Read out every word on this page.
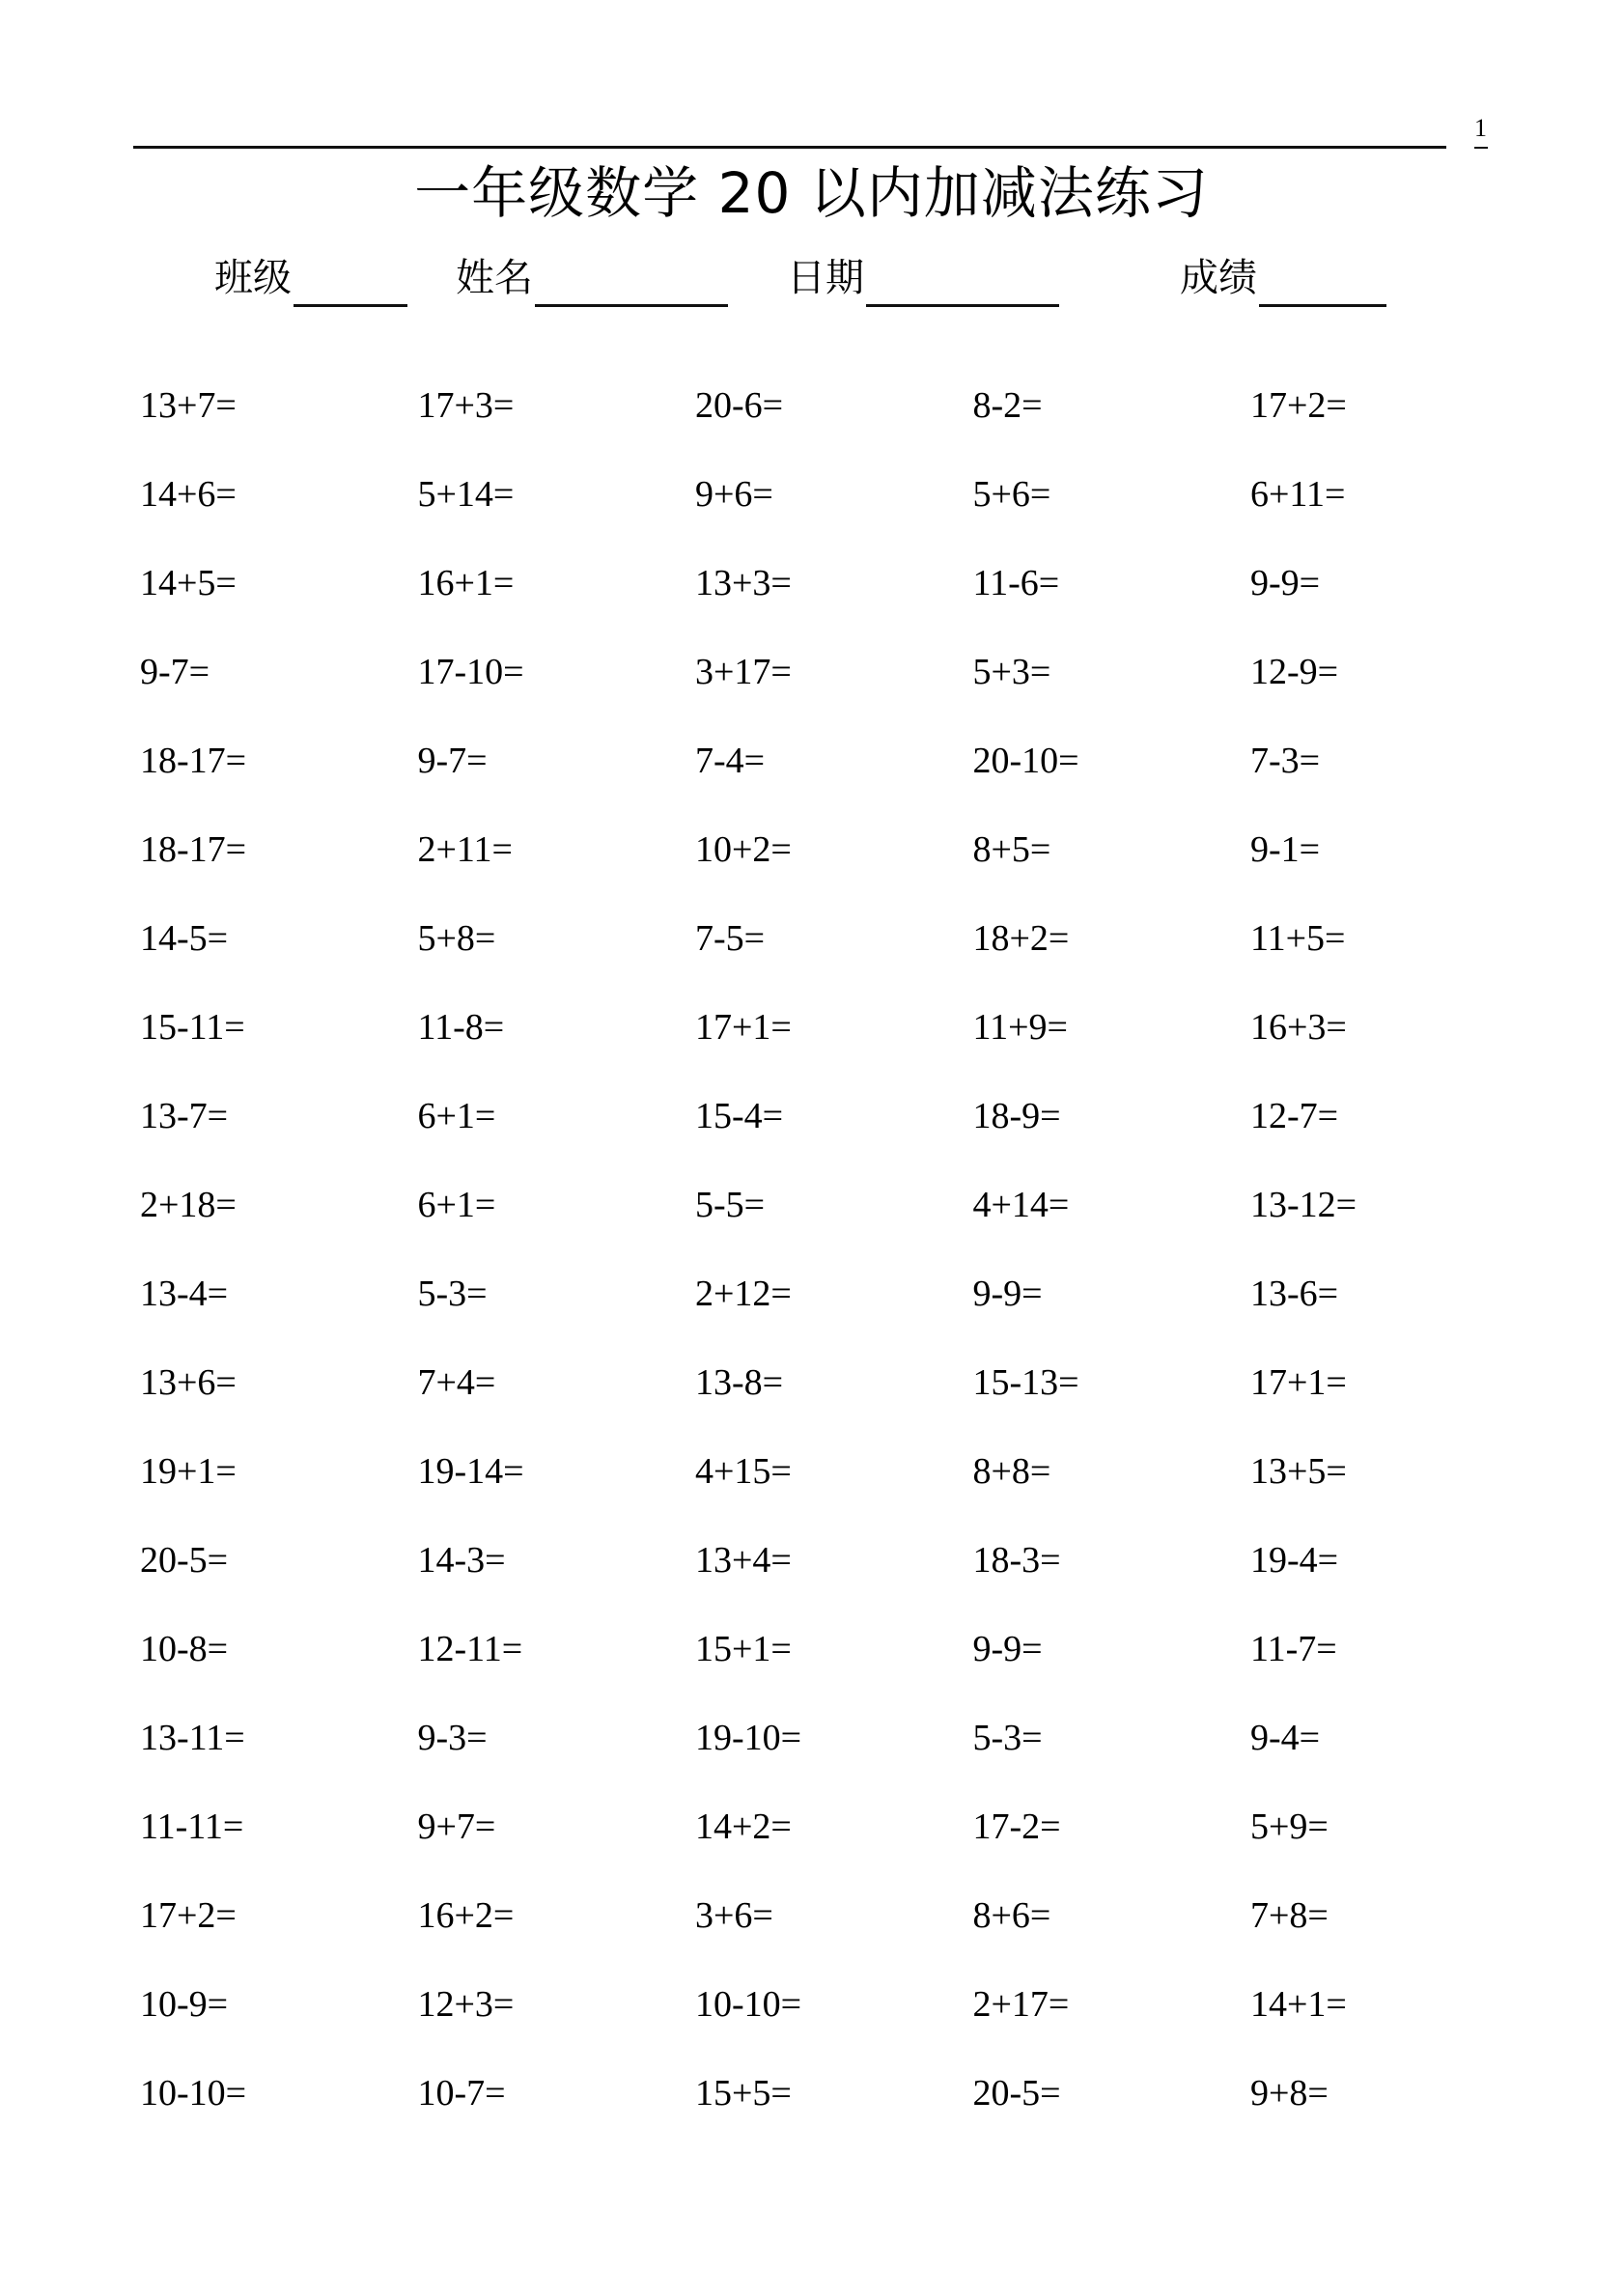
1
一年级数学 20 以内加减法练习
班级	姓名	日期	成绩
13+7=	17+3=	20-6=	8-2=	17+2=
14+6=	5+14=	9+6=	5+6=	6+11=
14+5=	16+1=	13+3=	11-6=	9-9=
9-7=	17-10=	3+17=	5+3=	12-9=
18-17=	9-7=	7-4=	20-10=	7-3=
18-17=	2+11=	10+2=	8+5=	9-1=
14-5=	5+8=	7-5=	18+2=	11+5=
15-11=	11-8=	17+1=	11+9=	16+3=
13-7=	6+1=	15-4=	18-9=	12-7=
2+18=	6+1=	5-5=	4+14=	13-12=
13-4=	5-3=	2+12=	9-9=	13-6=
13+6=	7+4=	13-8=	15-13=	17+1=
19+1=	19-14=	4+15=	8+8=	13+5=
20-5=	14-3=	13+4=	18-3=	19-4=
10-8=	12-11=	15+1=	9-9=	11-7=
13-11=	9-3=	19-10=	5-3=	9-4=
11-11=	9+7=	14+2=	17-2=	5+9=
17+2=	16+2=	3+6=	8+6=	7+8=
10-9=	12+3=	10-10=	2+17=	14+1=
10-10=	10-7=	15+5=	20-5=	9+8=
